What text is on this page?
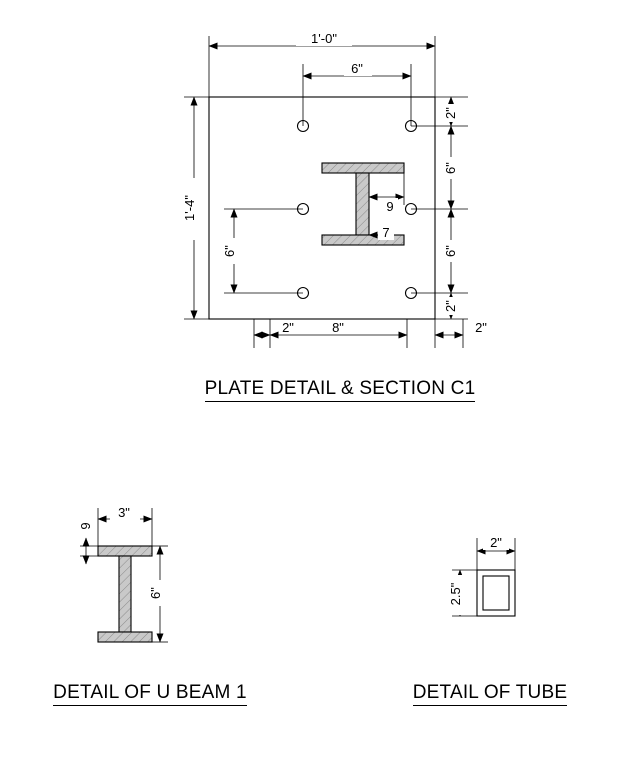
1'-0"
6"
1'-4"
6"
2"
6"
6"
2"
2"	8"	2"
9
7
3"
9
6"
2"
2.5"
PLATE DETAIL & SECTION C1
DETAIL OF U BEAM 1	DETAIL OF TUBE
